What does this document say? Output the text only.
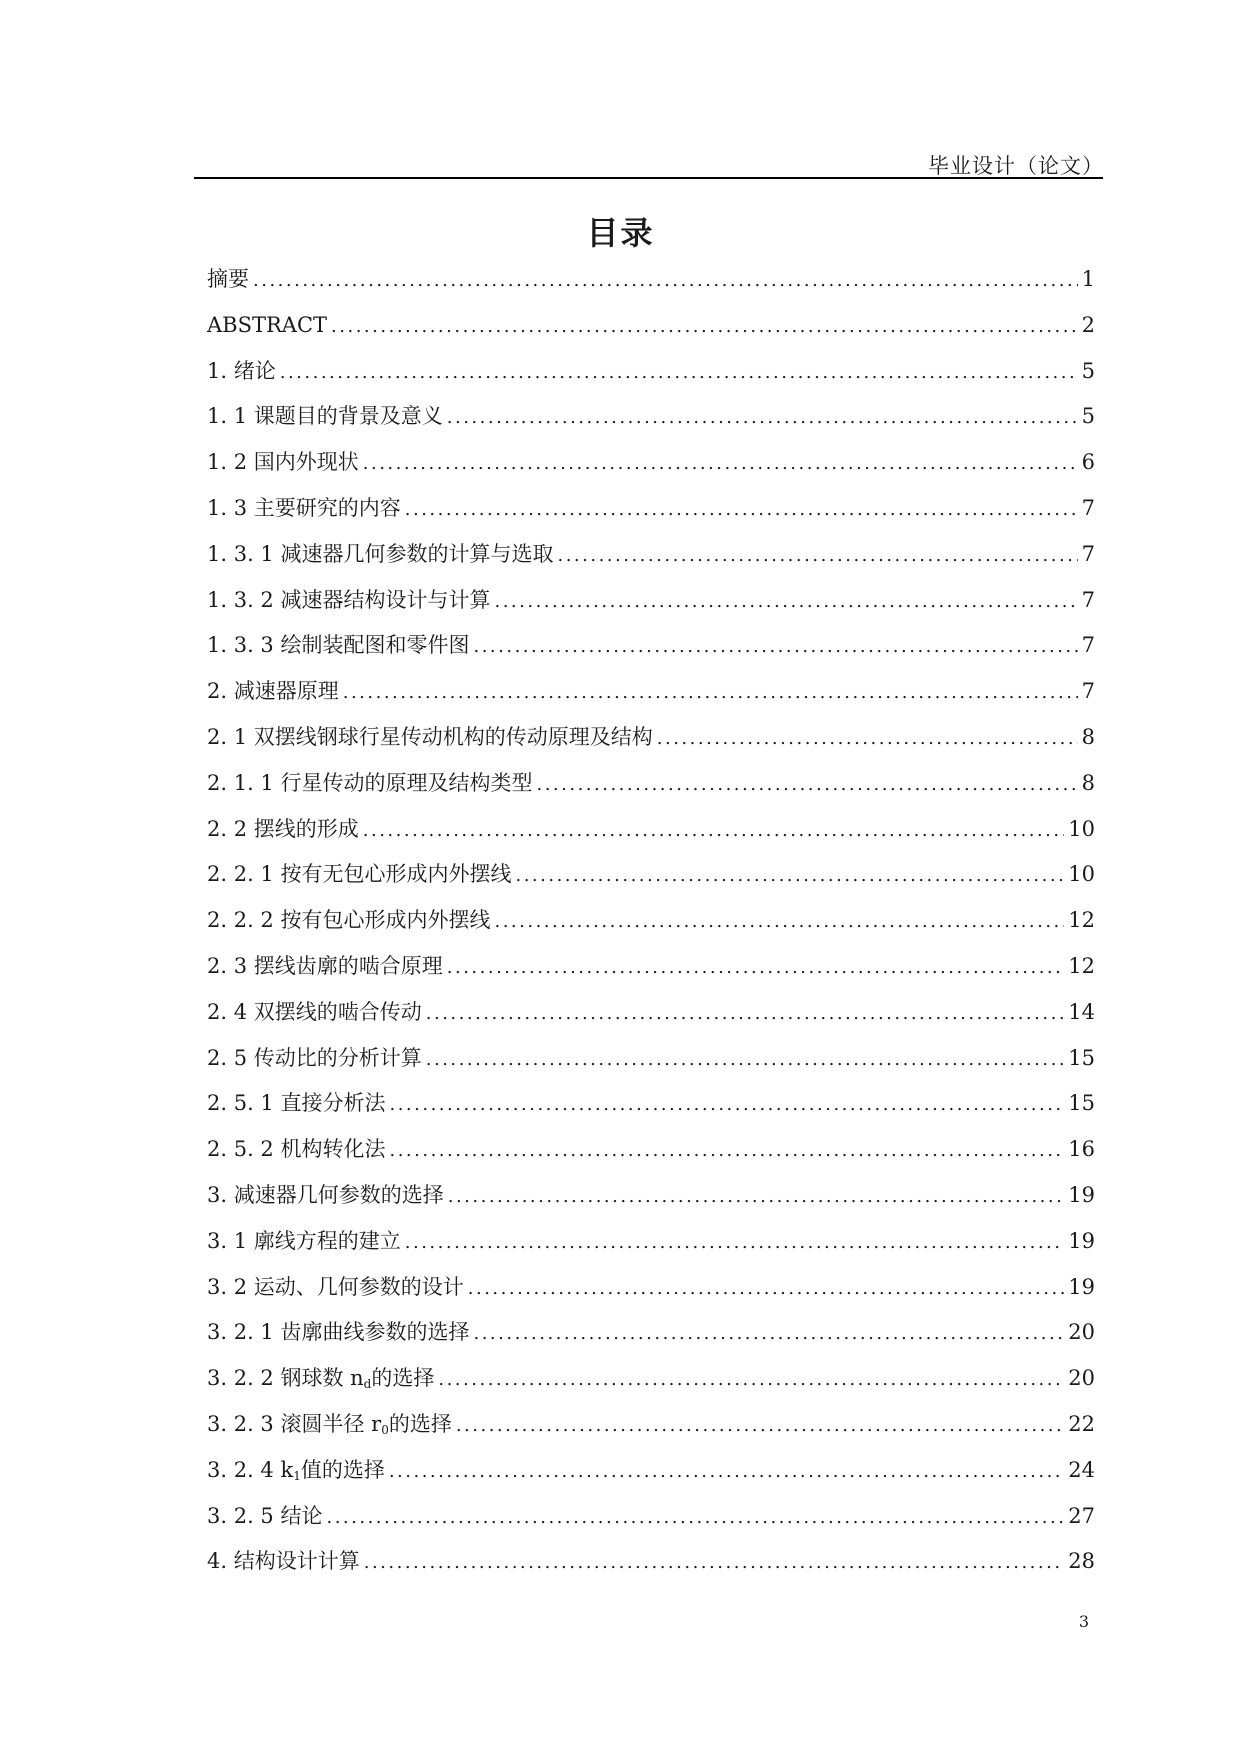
毕业设计（论文）
目录
摘要 .....	1
ABSTRACT .....	2
1. 绪论 .....	5
1. 1 课题目的背景及意义 .....	5
1. 2 国内外现状 .....	6
1. 3 主要研究的内容 .....	7
1. 3. 1 减速器几何参数的计算与选取 .....	7
1. 3. 2 减速器结构设计与计算 .....	7
1. 3. 3 绘制装配图和零件图 .....	7
2. 减速器原理 .....	7
2. 1 双摆线钢球行星传动机构的传动原理及结构 .....	8
2. 1. 1 行星传动的原理及结构类型 .....	8
2. 2 摆线的形成 .....	10
2. 2. 1 按有无包心形成内外摆线 .....	10
2. 2. 2 按有包心形成内外摆线 .....	12
2. 3 摆线齿廓的啮合原理 .....	12
2. 4 双摆线的啮合传动 .....	14
2. 5 传动比的分析计算 .....	15
2. 5. 1 直接分析法 .....	15
2. 5. 2 机构转化法 .....	16
3. 减速器几何参数的选择 .....	19
3. 1 廓线方程的建立 .....	19
3. 2 运动、几何参数的设计 .....	19
3. 2. 1 齿廓曲线参数的选择 .....	20
3. 2. 2 钢球数 $n_d$的选择 .....	20
3. 2. 3 滚圆半径 $r_0$的选择 .....	22
3. 2. 4 $k_1$值的选择 .....	24
3. 2. 5 结论 .....	27
4. 结构设计计算 .....	28
3
